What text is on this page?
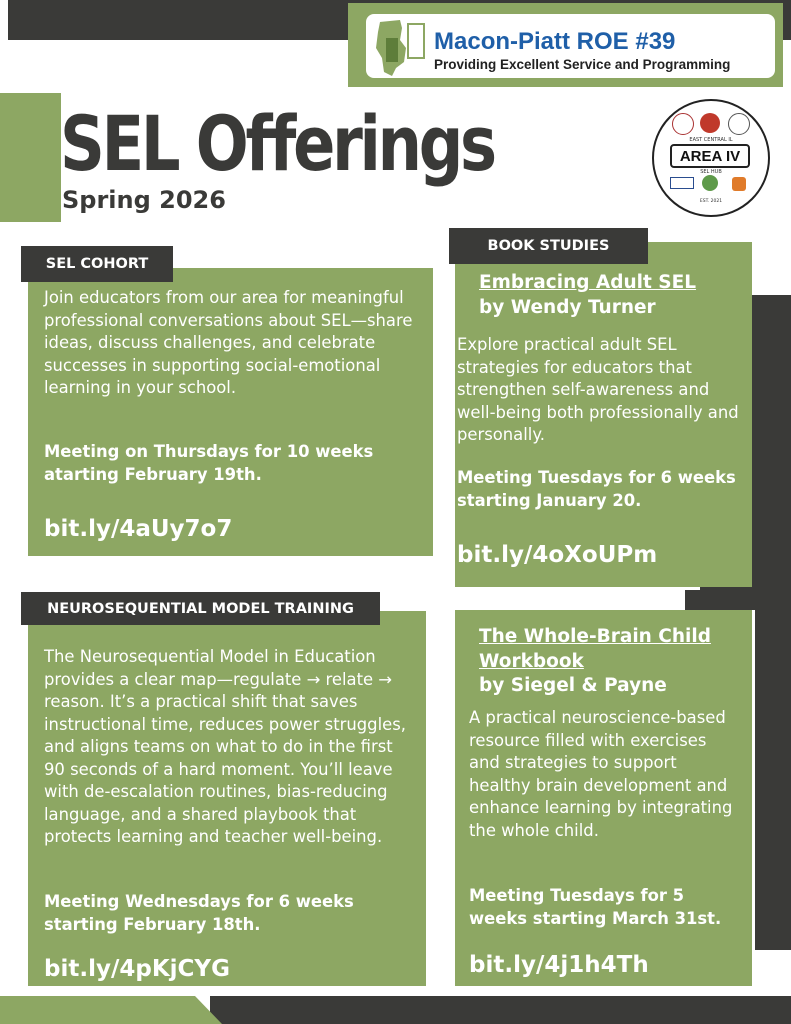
Macon-Piatt ROE #39
Providing Excellent Service and Programming
SEL Offerings
Spring 2026
EAST CENTRAL IL
AREA IV
SEL HUB
EST. 2021

Join educators from our area for meaningful professional conversations about SEL—share ideas, discuss challenges, and celebrate successes in supporting social-emotional learning in your school.

Meeting on Thursdays for 10 weeks atarting February 19th.

bit.ly/4aUy7o7

SEL COHORT

Embracing Adult SEL

by Wendy Turner

Explore practical adult SEL strategies for educators that strengthen self-awareness and well-being both professionally and personally.

Meeting Tuesdays for 6 weeks starting January 20.

bit.ly/4oXoUPm

BOOK STUDIES

The Neurosequential Model in Education provides a clear map—regulate → relate → reason. It’s a practical shift that saves instructional time, reduces power struggles, and aligns teams on what to do in the first 90 seconds of a hard moment. You’ll leave with de-escalation routines, bias-reducing language, and a shared playbook that protects learning and teacher well-being.

Meeting Wednesdays for 6 weeks starting February 18th.

bit.ly/4pKjCYG

NEUROSEQUENTIAL MODEL TRAINING

The Whole-Brain Child Workbook

by Siegel & Payne

A practical neuroscience-based resource filled with exercises and strategies to support healthy brain development and enhance learning by integrating the whole child.

Meeting Tuesdays for 5 weeks starting March 31st.

bit.ly/4j1h4Th
